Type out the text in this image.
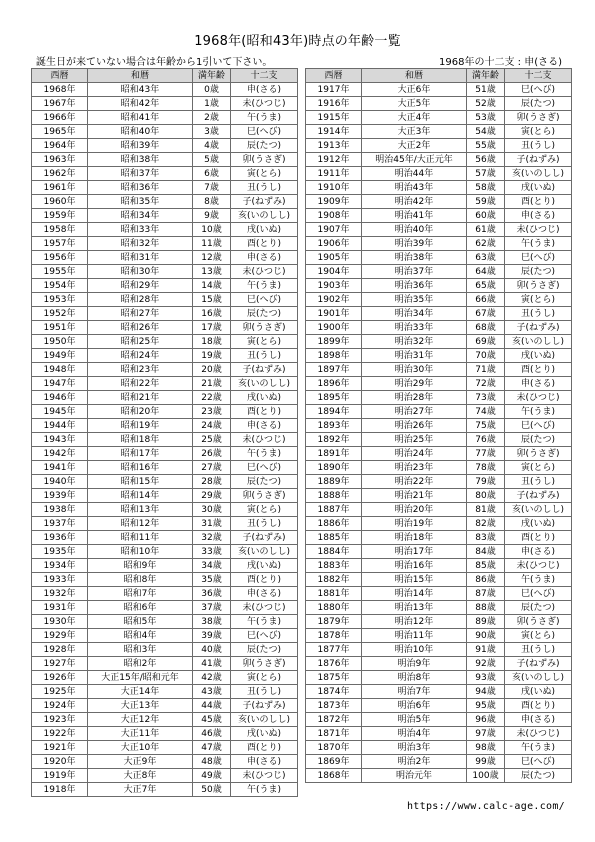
1968年(昭和43年)時点の年齢一覧
誕生日が来ていない場合は年齢から1引いて下さい。	1968年の十二支 : 申(さる)
西暦	和暦	満年齢	十二支
1968年	昭和43年	0歳	申(さる)
1967年	昭和42年	1歳	未(ひつじ)
1966年	昭和41年	2歳	午(うま)
1965年	昭和40年	3歳	巳(へび)
1964年	昭和39年	4歳	辰(たつ)
1963年	昭和38年	5歳	卯(うさぎ)
1962年	昭和37年	6歳	寅(とら)
1961年	昭和36年	7歳	丑(うし)
1960年	昭和35年	8歳	子(ねずみ)
1959年	昭和34年	9歳	亥(いのしし)
1958年	昭和33年	10歳	戌(いぬ)
1957年	昭和32年	11歳	酉(とり)
1956年	昭和31年	12歳	申(さる)
1955年	昭和30年	13歳	未(ひつじ)
1954年	昭和29年	14歳	午(うま)
1953年	昭和28年	15歳	巳(へび)
1952年	昭和27年	16歳	辰(たつ)
1951年	昭和26年	17歳	卯(うさぎ)
1950年	昭和25年	18歳	寅(とら)
1949年	昭和24年	19歳	丑(うし)
1948年	昭和23年	20歳	子(ねずみ)
1947年	昭和22年	21歳	亥(いのしし)
1946年	昭和21年	22歳	戌(いぬ)
1945年	昭和20年	23歳	酉(とり)
1944年	昭和19年	24歳	申(さる)
1943年	昭和18年	25歳	未(ひつじ)
1942年	昭和17年	26歳	午(うま)
1941年	昭和16年	27歳	巳(へび)
1940年	昭和15年	28歳	辰(たつ)
1939年	昭和14年	29歳	卯(うさぎ)
1938年	昭和13年	30歳	寅(とら)
1937年	昭和12年	31歳	丑(うし)
1936年	昭和11年	32歳	子(ねずみ)
1935年	昭和10年	33歳	亥(いのしし)
1934年	昭和9年	34歳	戌(いぬ)
1933年	昭和8年	35歳	酉(とり)
1932年	昭和7年	36歳	申(さる)
1931年	昭和6年	37歳	未(ひつじ)
1930年	昭和5年	38歳	午(うま)
1929年	昭和4年	39歳	巳(へび)
1928年	昭和3年	40歳	辰(たつ)
1927年	昭和2年	41歳	卯(うさぎ)
1926年	大正15年/昭和元年	42歳	寅(とら)
1925年	大正14年	43歳	丑(うし)
1924年	大正13年	44歳	子(ねずみ)
1923年	大正12年	45歳	亥(いのしし)
1922年	大正11年	46歳	戌(いぬ)
1921年	大正10年	47歳	酉(とり)
1920年	大正9年	48歳	申(さる)
1919年	大正8年	49歳	未(ひつじ)
1918年	大正7年	50歳	午(うま)
西暦	和暦	満年齢	十二支
1917年	大正6年	51歳	巳(へび)
1916年	大正5年	52歳	辰(たつ)
1915年	大正4年	53歳	卯(うさぎ)
1914年	大正3年	54歳	寅(とら)
1913年	大正2年	55歳	丑(うし)
1912年	明治45年/大正元年	56歳	子(ねずみ)
1911年	明治44年	57歳	亥(いのしし)
1910年	明治43年	58歳	戌(いぬ)
1909年	明治42年	59歳	酉(とり)
1908年	明治41年	60歳	申(さる)
1907年	明治40年	61歳	未(ひつじ)
1906年	明治39年	62歳	午(うま)
1905年	明治38年	63歳	巳(へび)
1904年	明治37年	64歳	辰(たつ)
1903年	明治36年	65歳	卯(うさぎ)
1902年	明治35年	66歳	寅(とら)
1901年	明治34年	67歳	丑(うし)
1900年	明治33年	68歳	子(ねずみ)
1899年	明治32年	69歳	亥(いのしし)
1898年	明治31年	70歳	戌(いぬ)
1897年	明治30年	71歳	酉(とり)
1896年	明治29年	72歳	申(さる)
1895年	明治28年	73歳	未(ひつじ)
1894年	明治27年	74歳	午(うま)
1893年	明治26年	75歳	巳(へび)
1892年	明治25年	76歳	辰(たつ)
1891年	明治24年	77歳	卯(うさぎ)
1890年	明治23年	78歳	寅(とら)
1889年	明治22年	79歳	丑(うし)
1888年	明治21年	80歳	子(ねずみ)
1887年	明治20年	81歳	亥(いのしし)
1886年	明治19年	82歳	戌(いぬ)
1885年	明治18年	83歳	酉(とり)
1884年	明治17年	84歳	申(さる)
1883年	明治16年	85歳	未(ひつじ)
1882年	明治15年	86歳	午(うま)
1881年	明治14年	87歳	巳(へび)
1880年	明治13年	88歳	辰(たつ)
1879年	明治12年	89歳	卯(うさぎ)
1878年	明治11年	90歳	寅(とら)
1877年	明治10年	91歳	丑(うし)
1876年	明治9年	92歳	子(ねずみ)
1875年	明治8年	93歳	亥(いのしし)
1874年	明治7年	94歳	戌(いぬ)
1873年	明治6年	95歳	酉(とり)
1872年	明治5年	96歳	申(さる)
1871年	明治4年	97歳	未(ひつじ)
1870年	明治3年	98歳	午(うま)
1869年	明治2年	99歳	巳(へび)
1868年	明治元年	100歳	辰(たつ)
https://www.calc-age.com/
